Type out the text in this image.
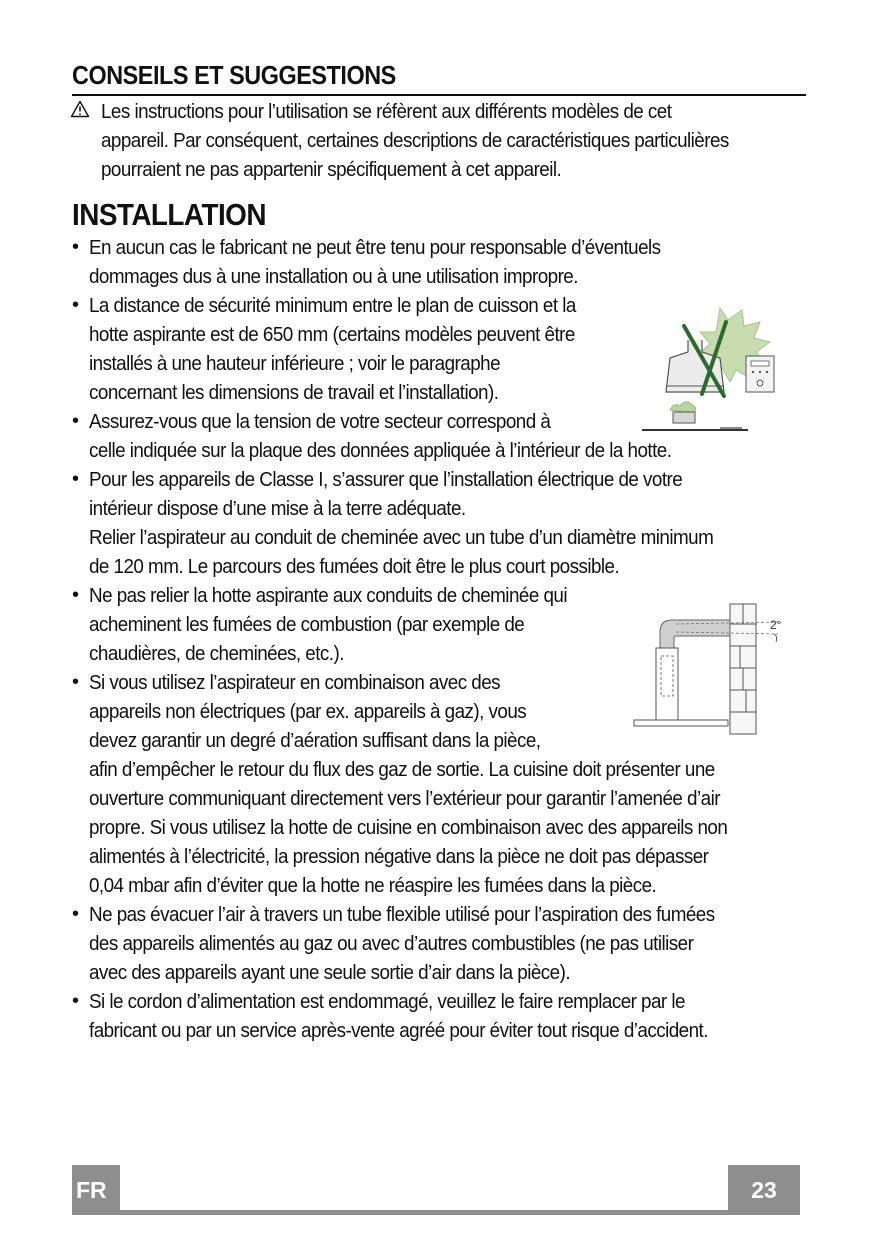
CONSEILS ET SUGGESTIONS
Les instructions pour l’utilisation se réfèrent aux différents modèles de cet
appareil. Par conséquent, certaines descriptions de caractéristiques particulières
pourraient ne pas appartenir spécifiquement à cet appareil.
INSTALLATION
• En aucun cas le fabricant ne peut être tenu pour responsable d’éventuels
dommages dus à une installation ou à une utilisation impropre.
• La distance de sécurité minimum entre le plan de cuisson et la
hotte aspirante est de 650 mm (certains modèles peuvent être
installés à une hauteur inférieure ; voir le paragraphe
concernant les dimensions de travail et l’installation).
• Assurez-vous que la tension de votre secteur correspond à
celle indiquée sur la plaque des données appliquée à l’intérieur de la hotte.
• Pour les appareils de Classe I, s’assurer que l’installation électrique de votre
intérieur dispose d’une mise à la terre adéquate.
Relier l’aspirateur au conduit de cheminée avec un tube d’un diamètre minimum
de 120 mm. Le parcours des fumées doit être le plus court possible.
• Ne pas relier la hotte aspirante aux conduits de cheminée qui
acheminent les fumées de combustion (par exemple de
chaudières, de cheminées, etc.).
• Si vous utilisez l’aspirateur en combinaison avec des
appareils non électriques (par ex. appareils à gaz), vous
devez garantir un degré d’aération suffisant dans la pièce,
afin d’empêcher le retour du flux des gaz de sortie. La cuisine doit présenter une
ouverture communiquant directement vers l’extérieur pour garantir l’amenée d’air
propre. Si vous utilisez la hotte de cuisine en combinaison avec des appareils non
alimentés à l’électricité, la pression négative dans la pièce ne doit pas dépasser
0,04 mbar afin d’éviter que la hotte ne réaspire les fumées dans la pièce.
• Ne pas évacuer l’air à travers un tube flexible utilisé pour l’aspiration des fumées
des appareils alimentés au gaz ou avec d’autres combustibles (ne pas utiliser
avec des appareils ayant une seule sortie d’air dans la pièce).
• Si le cordon d’alimentation est endommagé, veuillez le faire remplacer par le
fabricant ou par un service après-vente agréé pour éviter tout risque d’accident.
2°
FR	23
